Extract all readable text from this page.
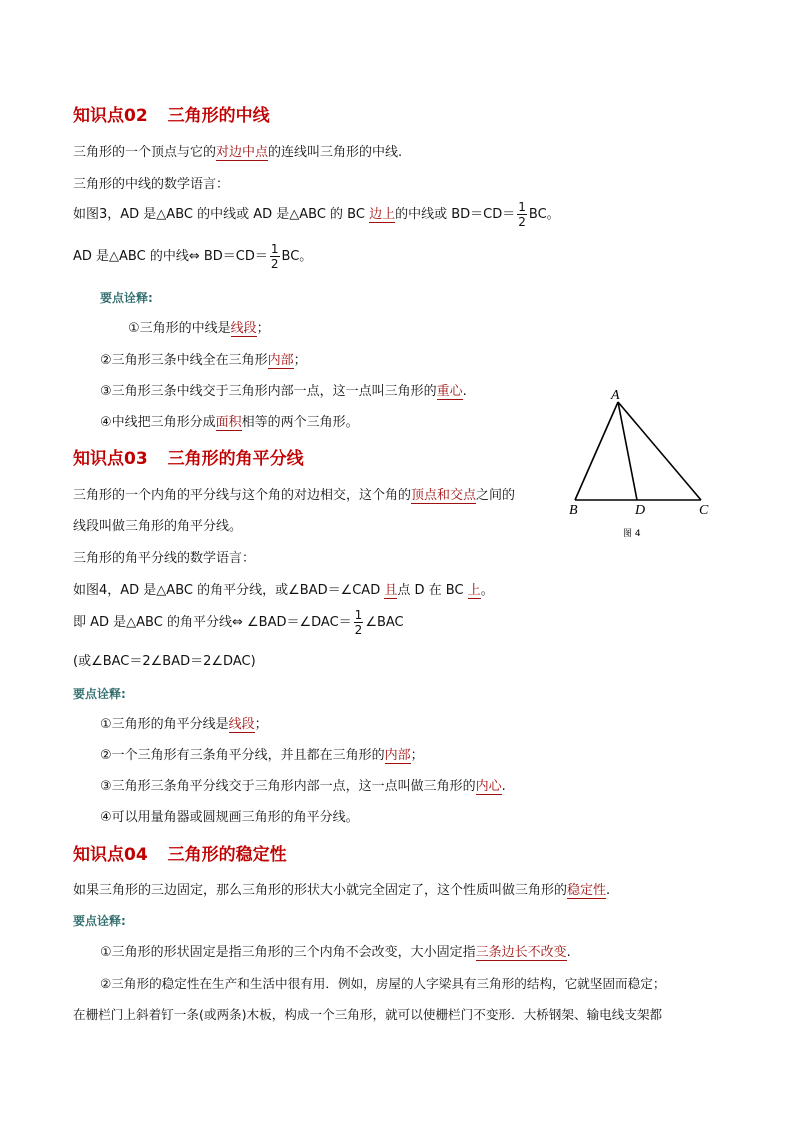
知识点02 三角形的中线
三角形的一个顶点与它的对边中点的连线叫三角形的中线.
三角形的中线的数学语言：
如图3，AD 是△ABC 的中线或 AD 是△ABC 的 BC 边上的中线或 $BD=CD= \frac{1}{2}$ BC。
AD 是△ABC 的中线⇔ $BD=CD= \frac{1}{2}$ BC。
要点诠释:
①三角形的中线是线段；
②三角形三条中线全在三角形内部；
③三角形三条中线交于三角形内部一点，这一点叫三角形的重心.
④中线把三角形分成面积相等的两个三角形。
A
B	D	C
图 4
知识点03 三角形的角平分线
三角形的一个内角的平分线与这个角的对边相交，这个角的顶点和交点之间的
线段叫做三角形的角平分线。
三角形的角平分线的数学语言：
如图4，AD 是△ABC 的角平分线，或∠BAD＝∠CAD 且点 D 在 BC 上。
即 AD 是△ABC 的角平分线⇔ ∠BAD＝∠DAC＝ $\frac{1}{2}$ ∠BAC
(或∠BAC＝2∠BAD＝2∠DAC)
要点诠释:
①三角形的角平分线是线段；
②一个三角形有三条角平分线，并且都在三角形的内部；
③三角形三条角平分线交于三角形内部一点，这一点叫做三角形的内心.
④可以用量角器或圆规画三角形的角平分线。
知识点04 三角形的稳定性
如果三角形的三边固定，那么三角形的形状大小就完全固定了，这个性质叫做三角形的稳定性.
要点诠释:
①三角形的形状固定是指三角形的三个内角不会改变，大小固定指三条边长不改变.
②三角形的稳定性在生产和生活中很有用．例如，房屋的人字梁具有三角形的结构，它就坚固而稳定；
在栅栏门上斜着钉一条(或两条)木板，构成一个三角形，就可以使栅栏门不变形．大桥钢架、输电线支架都
